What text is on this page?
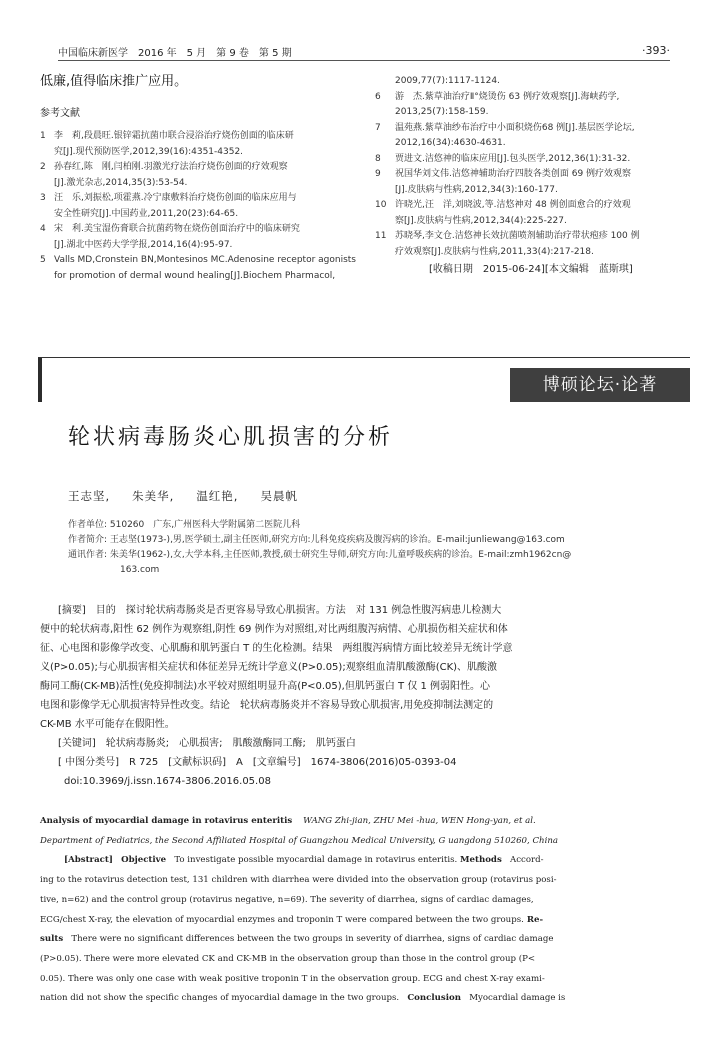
中国临床新医学　2016 年　5 月　第 9 卷　第 5 期	·393·
低廉,值得临床推广应用。
参考文献
1 李　莉,段晨旺.银锌霜抗菌巾联合浸浴治疗烧伤创面的临床研
究[J].现代预防医学,2012,39(16):4351-4352.
2 孙春红,陈　刚,闫柏刚.羽激光疗法治疗烧伤创面的疗效观察
[J].激光杂志,2014,35(3):53-54.
3 汪　乐,刘振松,项霍燕.冷宁康敷料治疗烧伤创面的临床应用与
安全性研究[J].中国药业,2011,20(23):64-65.
4 宋　利.美宝湿伤膏联合抗菌药物在烧伤创面治疗中的临床研究
[J].湖北中医药大学学报,2014,16(4):95-97.
5 Valls MD,Cronstein BN,Montesinos MC.Adenosine receptor agonists
for promotion of dermal wound healing[J].Biochem Pharmacol,
2009,77(7):1117-1124.
6 游　杰.紫草油治疗Ⅱ°烧烫伤 63 例疗效观察[J].海峡药学,
2013,25(7):158-159.
7 温苑燕.紫草油纱布治疗中小面积烧伤68 例[J].基层医学论坛,
2012,16(34):4630-4631.
8 贾进文.洁悠神的临床应用[J].包头医学,2012,36(1):31-32.
9 祝国华刘文伟.洁悠神辅助治疗四肢各类创面 69 例疗效观察
[J].皮肤病与性病,2012,34(3):160-177.
10 许晓光,汪　洋,刘晓波,等.洁悠神对 48 例创面愈合的疗效观
察[J].皮肤病与性病,2012,34(4):225-227.
11 苏晓琴,李文仓.洁悠神长效抗菌喷剂辅助治疗带状疱疹 100 例
疗效观察[J].皮肤病与性病,2011,33(4):217-218.
[收稿日期　2015-06-24][本文编辑　蓝斯琪]
博硕论坛·论著
轮状病毒肠炎心肌损害的分析
王志坚, 朱美华, 温红艳, 吴晨帆
作者单位: 510260　广东,广州医科大学附属第二医院儿科
作者简介: 王志坚(1973-),男,医学硕士,副主任医师,研究方向:儿科免疫疾病及腹泻病的诊治。E-mail:junliewang@163.com
通讯作者: 朱美华(1962-),女,大学本科,主任医师,教授,硕士研究生导师,研究方向:儿童呼吸疾病的诊治。E-mail:zmh1962cn@
163.com
[摘要]　目的　探讨轮状病毒肠炎是否更容易导致心肌损害。方法　对 131 例急性腹泻病患儿检测大
便中的轮状病毒,阳性 62 例作为观察组,阴性 69 例作为对照组,对比两组腹泻病情、心肌损伤相关症状和体
征、心电图和影像学改变、心肌酶和肌钙蛋白 T 的生化检测。结果　两组腹泻病情方面比较差异无统计学意
义(P>0.05);与心肌损害相关症状和体征差异无统计学意义(P>0.05);观察组血清肌酸激酶(CK)、肌酸激
酶同工酶(CK-MB)活性(免疫抑制法)水平较对照组明显升高(P<0.05),但肌钙蛋白 T 仅 1 例弱阳性。心
电图和影像学无心肌损害特异性改变。结论　轮状病毒肠炎并不容易导致心肌损害,用免疫抑制法测定的
CK-MB 水平可能存在假阳性。
[关键词]　轮状病毒肠炎;　心肌损害;　肌酸激酶同工酶;　肌钙蛋白
[ 中图分类号]　R 725　[文献标识码]　A　[文章编号]　1674-3806(2016)05-0393-04
doi:10.3969/j.issn.1674-3806.2016.05.08
Analysis of myocardial damage in rotavirus enteritis WANG Zhi-jian, ZHU Mei -hua, WEN Hong-yan, et al.
Department of Pediatrics, the Second Affiliated Hospital of Guangzhou Medical University, G uangdong 510260, China
[Abstract] Objective To investigate possible myocardial damage in rotavirus enteritis. Methods Accord-
ing to the rotavirus detection test, 131 children with diarrhea were divided into the observation group (rotavirus posi-
tive, n=62) and the control group (rotavirus negative, n=69). The severity of diarrhea, signs of cardiac damages,
ECG/chest X-ray, the elevation of myocardial enzymes and troponin T were compared between the two groups. Re-
sults There were no significant differences between the two groups in severity of diarrhea, signs of cardiac damage
(P>0.05). There were more elevated CK and CK-MB in the observation group than those in the control group (P<
0.05). There was only one case with weak positive troponin T in the observation group. ECG and chest X-ray exami-
nation did not show the specific changes of myocardial damage in the two groups. Conclusion Myocardial damage is
